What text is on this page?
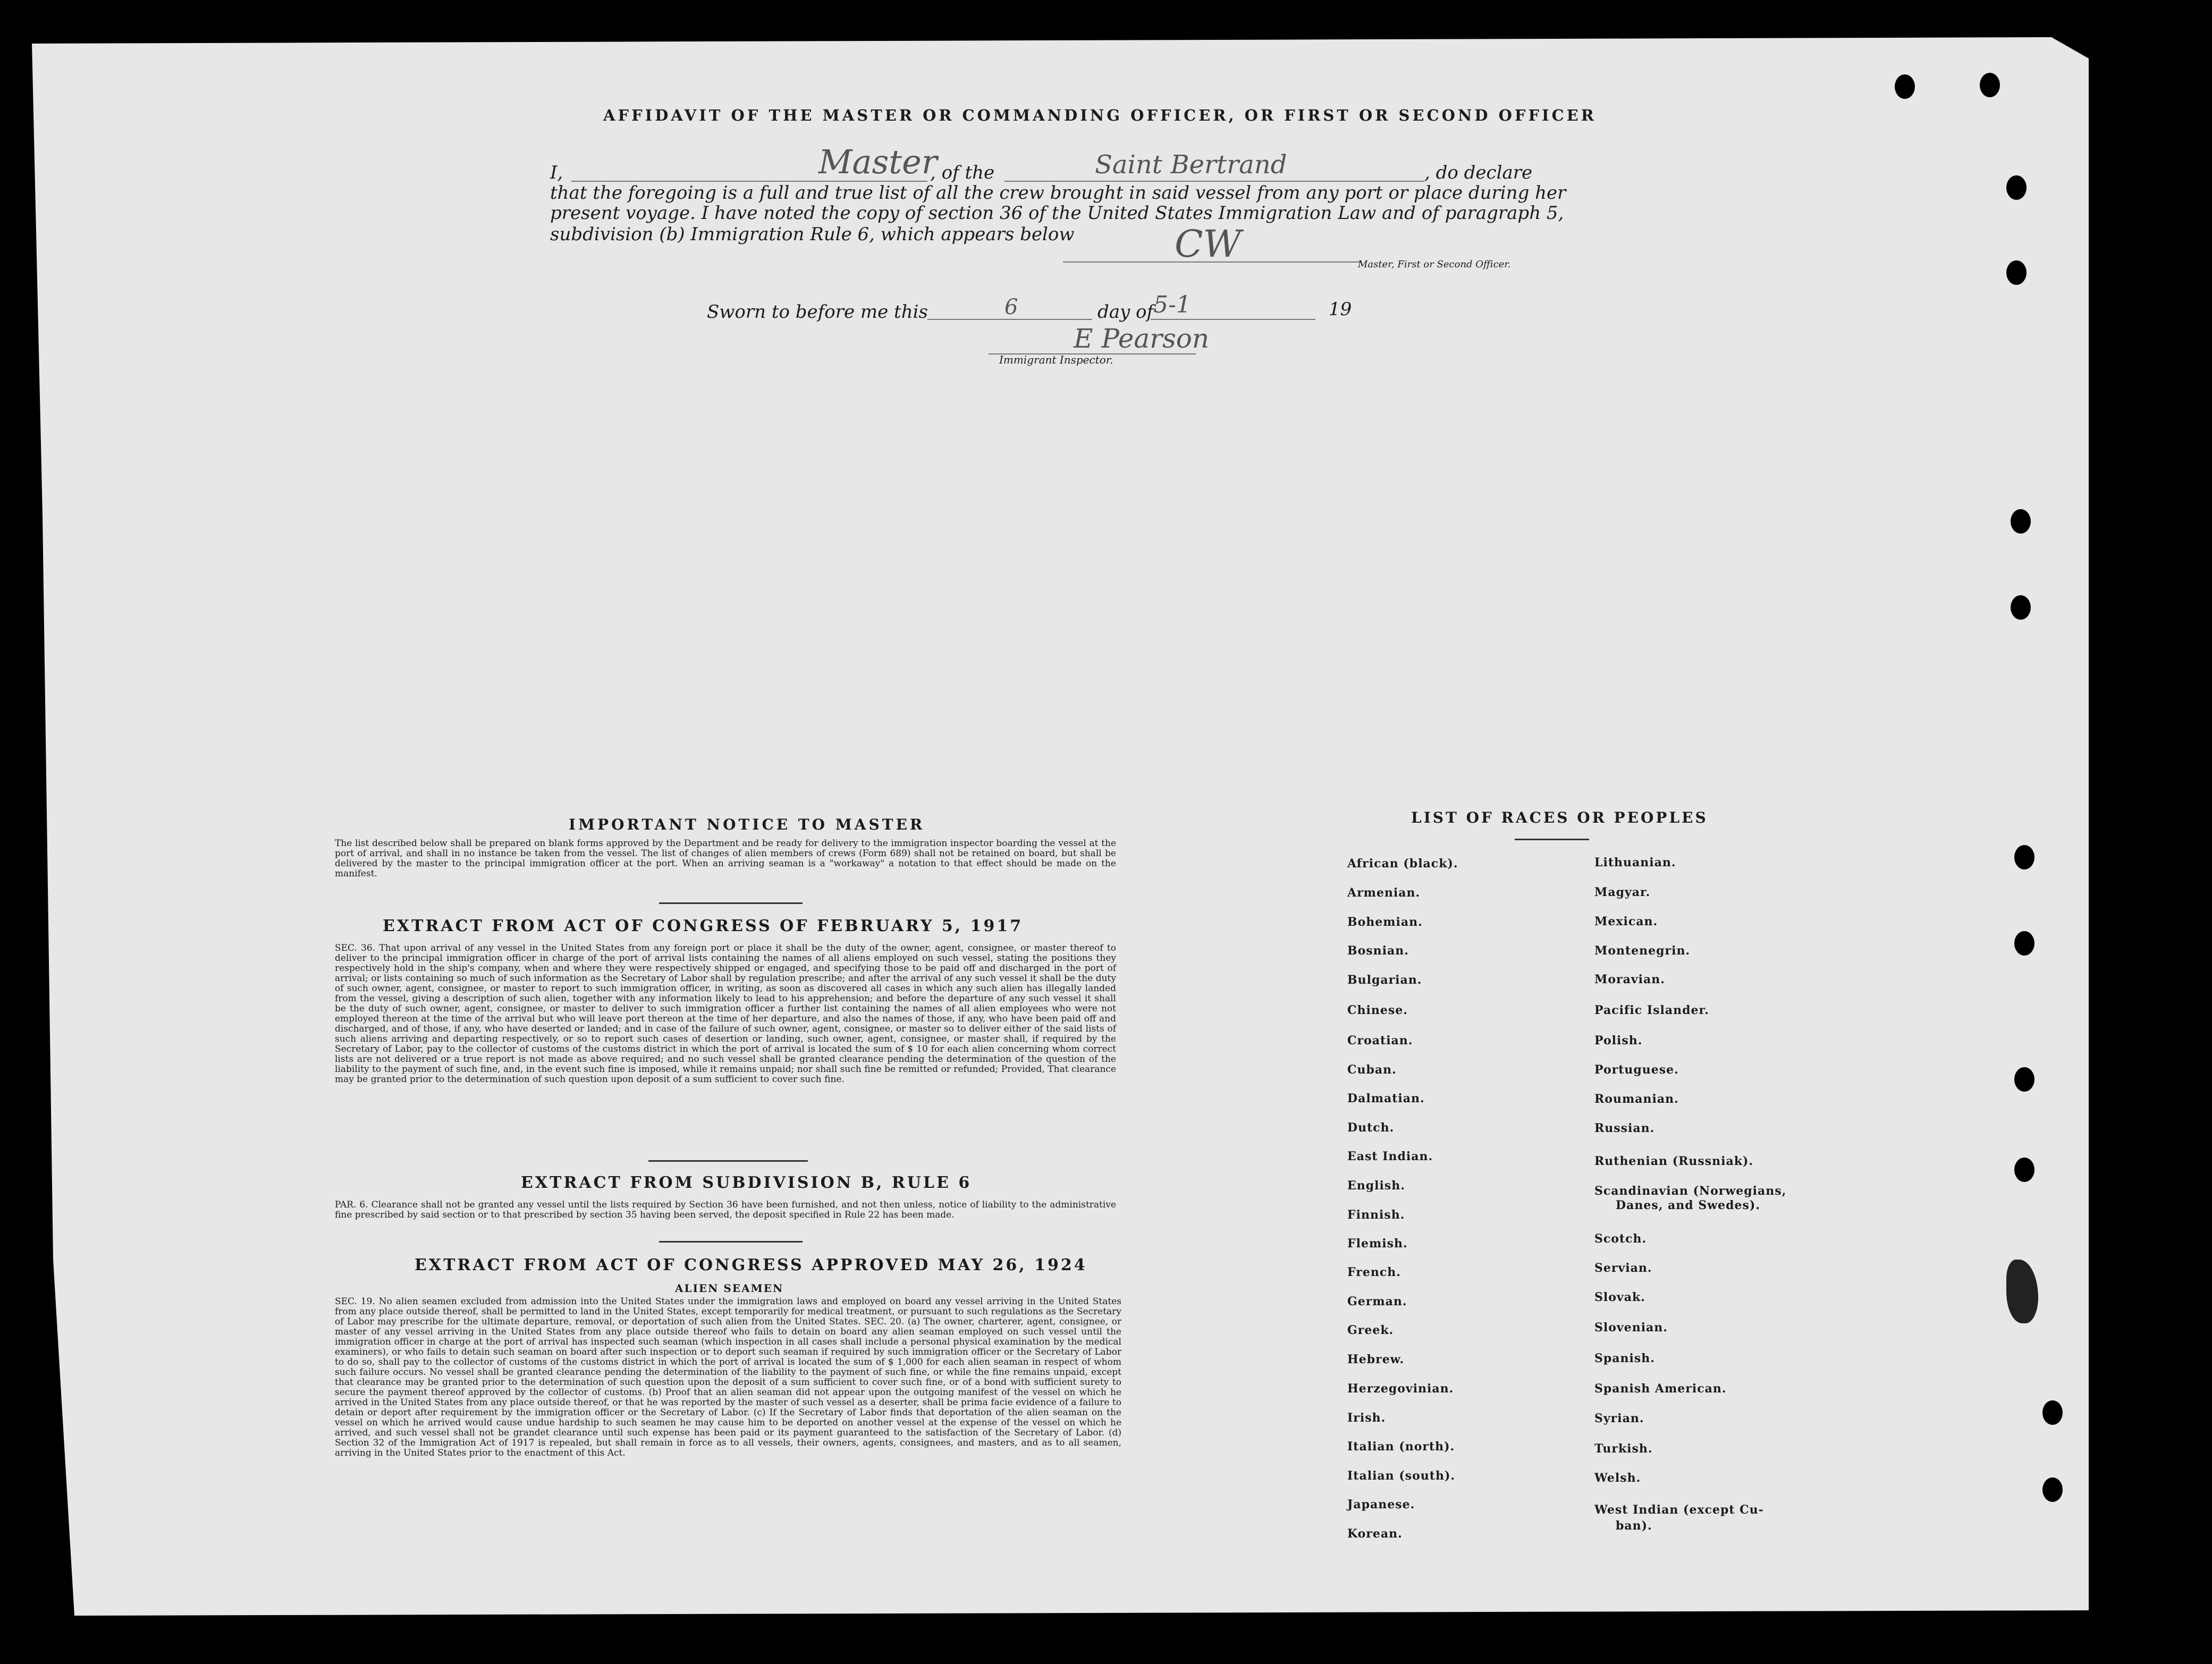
AFFIDAVIT OF THE MASTER OR COMMANDING OFFICER, OR FIRST OR SECOND OFFICER
I,	Master
, of the	Saint Bertrand	, do declare
that the foregoing is a full and true list of all the crew brought in said vessel from any port or place during her
present voyage. I have noted the copy of section 36 of the United States Immigration Law and of paragraph 5,
subdivision (b) Immigration Rule 6, which appears below	CW	Master, First or Second Officer.
Sworn to before me this	6	day of 5-1	19
E Pearson
Immigrant Inspector.
IMPORTANT NOTICE TO MASTER
The list described below shall be prepared on blank forms approved by the Department and be ready for delivery to the immigration inspector boarding the vessel at the port of arrival, and shall in no instance be taken from the vessel. The list of changes of alien members of crews (Form 689) shall not be retained on board, but shall be delivered by the master to the principal immigration officer at the port. When an arriving seaman is a "workaway" a notation to that effect should be made on the manifest.
EXTRACT FROM ACT OF CONGRESS OF FEBRUARY 5, 1917
SEC. 36. That upon arrival of any vessel in the United States from any foreign port or place it shall be the duty of the owner, agent, consignee, or master thereof to deliver to the principal immigration officer in charge of the port of arrival lists containing the names of all aliens employed on such vessel, stating the positions they respectively hold in the ship's company, when and where they were respectively shipped or engaged, and specifying those to be paid off and discharged in the port of arrival; or lists containing so much of such information as the Secretary of Labor shall by regulation prescribe; and after the arrival of any such vessel it shall be the duty of such owner, agent, consignee, or master to report to such immigration officer, in writing, as soon as discovered all cases in which any such alien has illegally landed from the vessel, giving a description of such alien, together with any information likely to lead to his apprehension; and before the departure of any such vessel it shall be the duty of such owner, agent, consignee, or master to deliver to such immigration officer a further list containing the names of all alien employees who were not employed thereon at the time of the arrival but who will leave port thereon at the time of her departure, and also the names of those, if any, who have been paid off and discharged, and of those, if any, who have deserted or landed; and in case of the failure of such owner, agent, consignee, or master so to deliver either of the said lists of such aliens arriving and departing respectively, or so to report such cases of desertion or landing, such owner, agent, consignee, or master shall, if required by the Secretary of Labor, pay to the collector of customs of the customs district in which the port of arrival is located the sum of $ 10 for each alien concerning whom correct lists are not delivered or a true report is not made as above required; and no such vessel shall be granted clearance pending the determination of the question of the liability to the payment of such fine, and, in the event such fine is imposed, while it remains unpaid; nor shall such fine be remitted or refunded; Provided, That clearance may be granted prior to the determination of such question upon deposit of a sum sufficient to cover such fine.
EXTRACT FROM SUBDIVISION B, RULE 6
PAR. 6. Clearance shall not be granted any vessel until the lists required by Section 36 have been furnished, and not then unless, notice of liability to the administrative fine prescribed by said section or to that prescribed by section 35 having been served, the deposit specified in Rule 22 has been made.
EXTRACT FROM ACT OF CONGRESS APPROVED MAY 26, 1924
ALIEN SEAMEN
SEC. 19. No alien seamen excluded from admission into the United States under the immigration laws and employed on board any vessel arriving in the United States from any place outside thereof, shall be permitted to land in the United States, except temporarily for medical treatment, or pursuant to such regulations as the Secretary of Labor may prescribe for the ultimate departure, removal, or deportation of such alien from the United States. SEC. 20. (a) The owner, charterer, agent, consignee, or master of any vessel arriving in the United States from any place outside thereof who fails to detain on board any alien seaman employed on such vessel until the immigration officer in charge at the port of arrival has inspected such seaman (which inspection in all cases shall include a personal physical examination by the medical examiners), or who fails to detain such seaman on board after such inspection or to deport such seaman if required by such immigration officer or the Secretary of Labor to do so, shall pay to the collector of customs of the customs district in which the port of arrival is located the sum of $ 1,000 for each alien seaman in respect of whom such failure occurs. No vessel shall be granted clearance pending the determination of the liability to the payment of such fine, or while the fine remains unpaid, except that clearance may be granted prior to the determination of such question upon the deposit of a sum sufficient to cover such fine, or of a bond with sufficient surety to secure the payment thereof approved by the collector of customs. (b) Proof that an alien seaman did not appear upon the outgoing manifest of the vessel on which he arrived in the United States from any place outside thereof, or that he was reported by the master of such vessel as a deserter, shall be prima facie evidence of a failure to detain or deport after requirement by the immigration officer or the Secretary of Labor. (c) If the Secretary of Labor finds that deportation of the alien seaman on the vessel on which he arrived would cause undue hardship to such seamen he may cause him to be deported on another vessel at the expense of the vessel on which he arrived, and such vessel shall not be grandet clearance until such expense has been paid or its payment guaranteed to the satisfaction of the Secretary of Labor. (d) Section 32 of the Immigration Act of 1917 is repealed, but shall remain in force as to all vessels, their owners, agents, consignees, and masters, and as to all seamen, arriving in the United States prior to the enactment of this Act.
LIST OF RACES OR PEOPLES
African (black).
Armenian.
Bohemian.
Bosnian.
Bulgarian.
Chinese.
Croatian.
Cuban.
Dalmatian.
Dutch.
East Indian.
English.
Finnish.
Flemish.
French.
German.
Greek.
Hebrew.
Herzegovinian.
Irish.
Italian (north).
Italian (south).
Japanese.
Korean.
Lithuanian.
Magyar.
Mexican.
Montenegrin.
Moravian.
Pacific Islander.
Polish.
Portuguese.
Roumanian.
Russian.
Ruthenian (Russniak).
Scandinavian (Norwegians,
Danes, and Swedes).
Scotch.
Servian.
Slovak.
Slovenian.
Spanish.
Spanish American.
Syrian.
Turkish.
Welsh.
West Indian (except Cu-
ban).
